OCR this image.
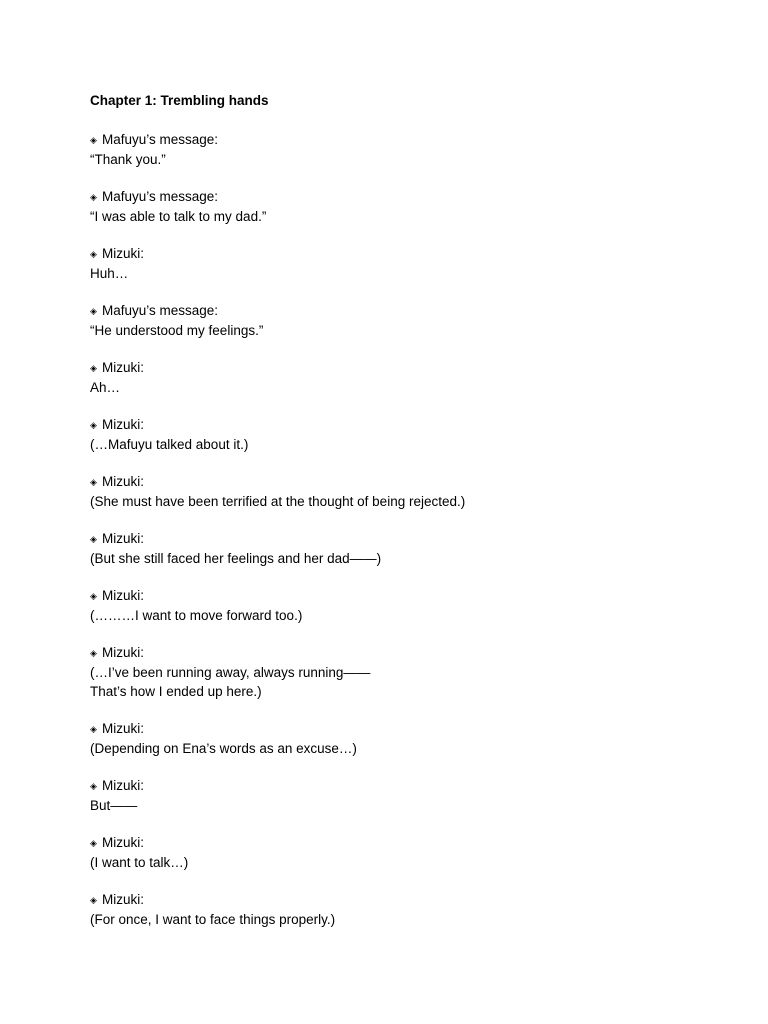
Chapter 1: Trembling hands
◈ Mafuyu’s message:
“Thank you.”
◈ Mafuyu’s message:
“I was able to talk to my dad.”
◈ Mizuki:
Huh…
◈ Mafuyu’s message:
“He understood my feelings.”
◈ Mizuki:
Ah…
◈ Mizuki:
(…Mafuyu talked about it.)
◈ Mizuki:
(She must have been terrified at the thought of being rejected.)
◈ Mizuki:
(But she still faced her feelings and her dad——)
◈ Mizuki:
(………I want to move forward too.)
◈ Mizuki:
(…I’ve been running away, always running——
That’s how I ended up here.)
◈ Mizuki:
(Depending on Ena’s words as an excuse…)
◈ Mizuki:
But——
◈ Mizuki:
(I want to talk…)
◈ Mizuki:
(For once, I want to face things properly.)
